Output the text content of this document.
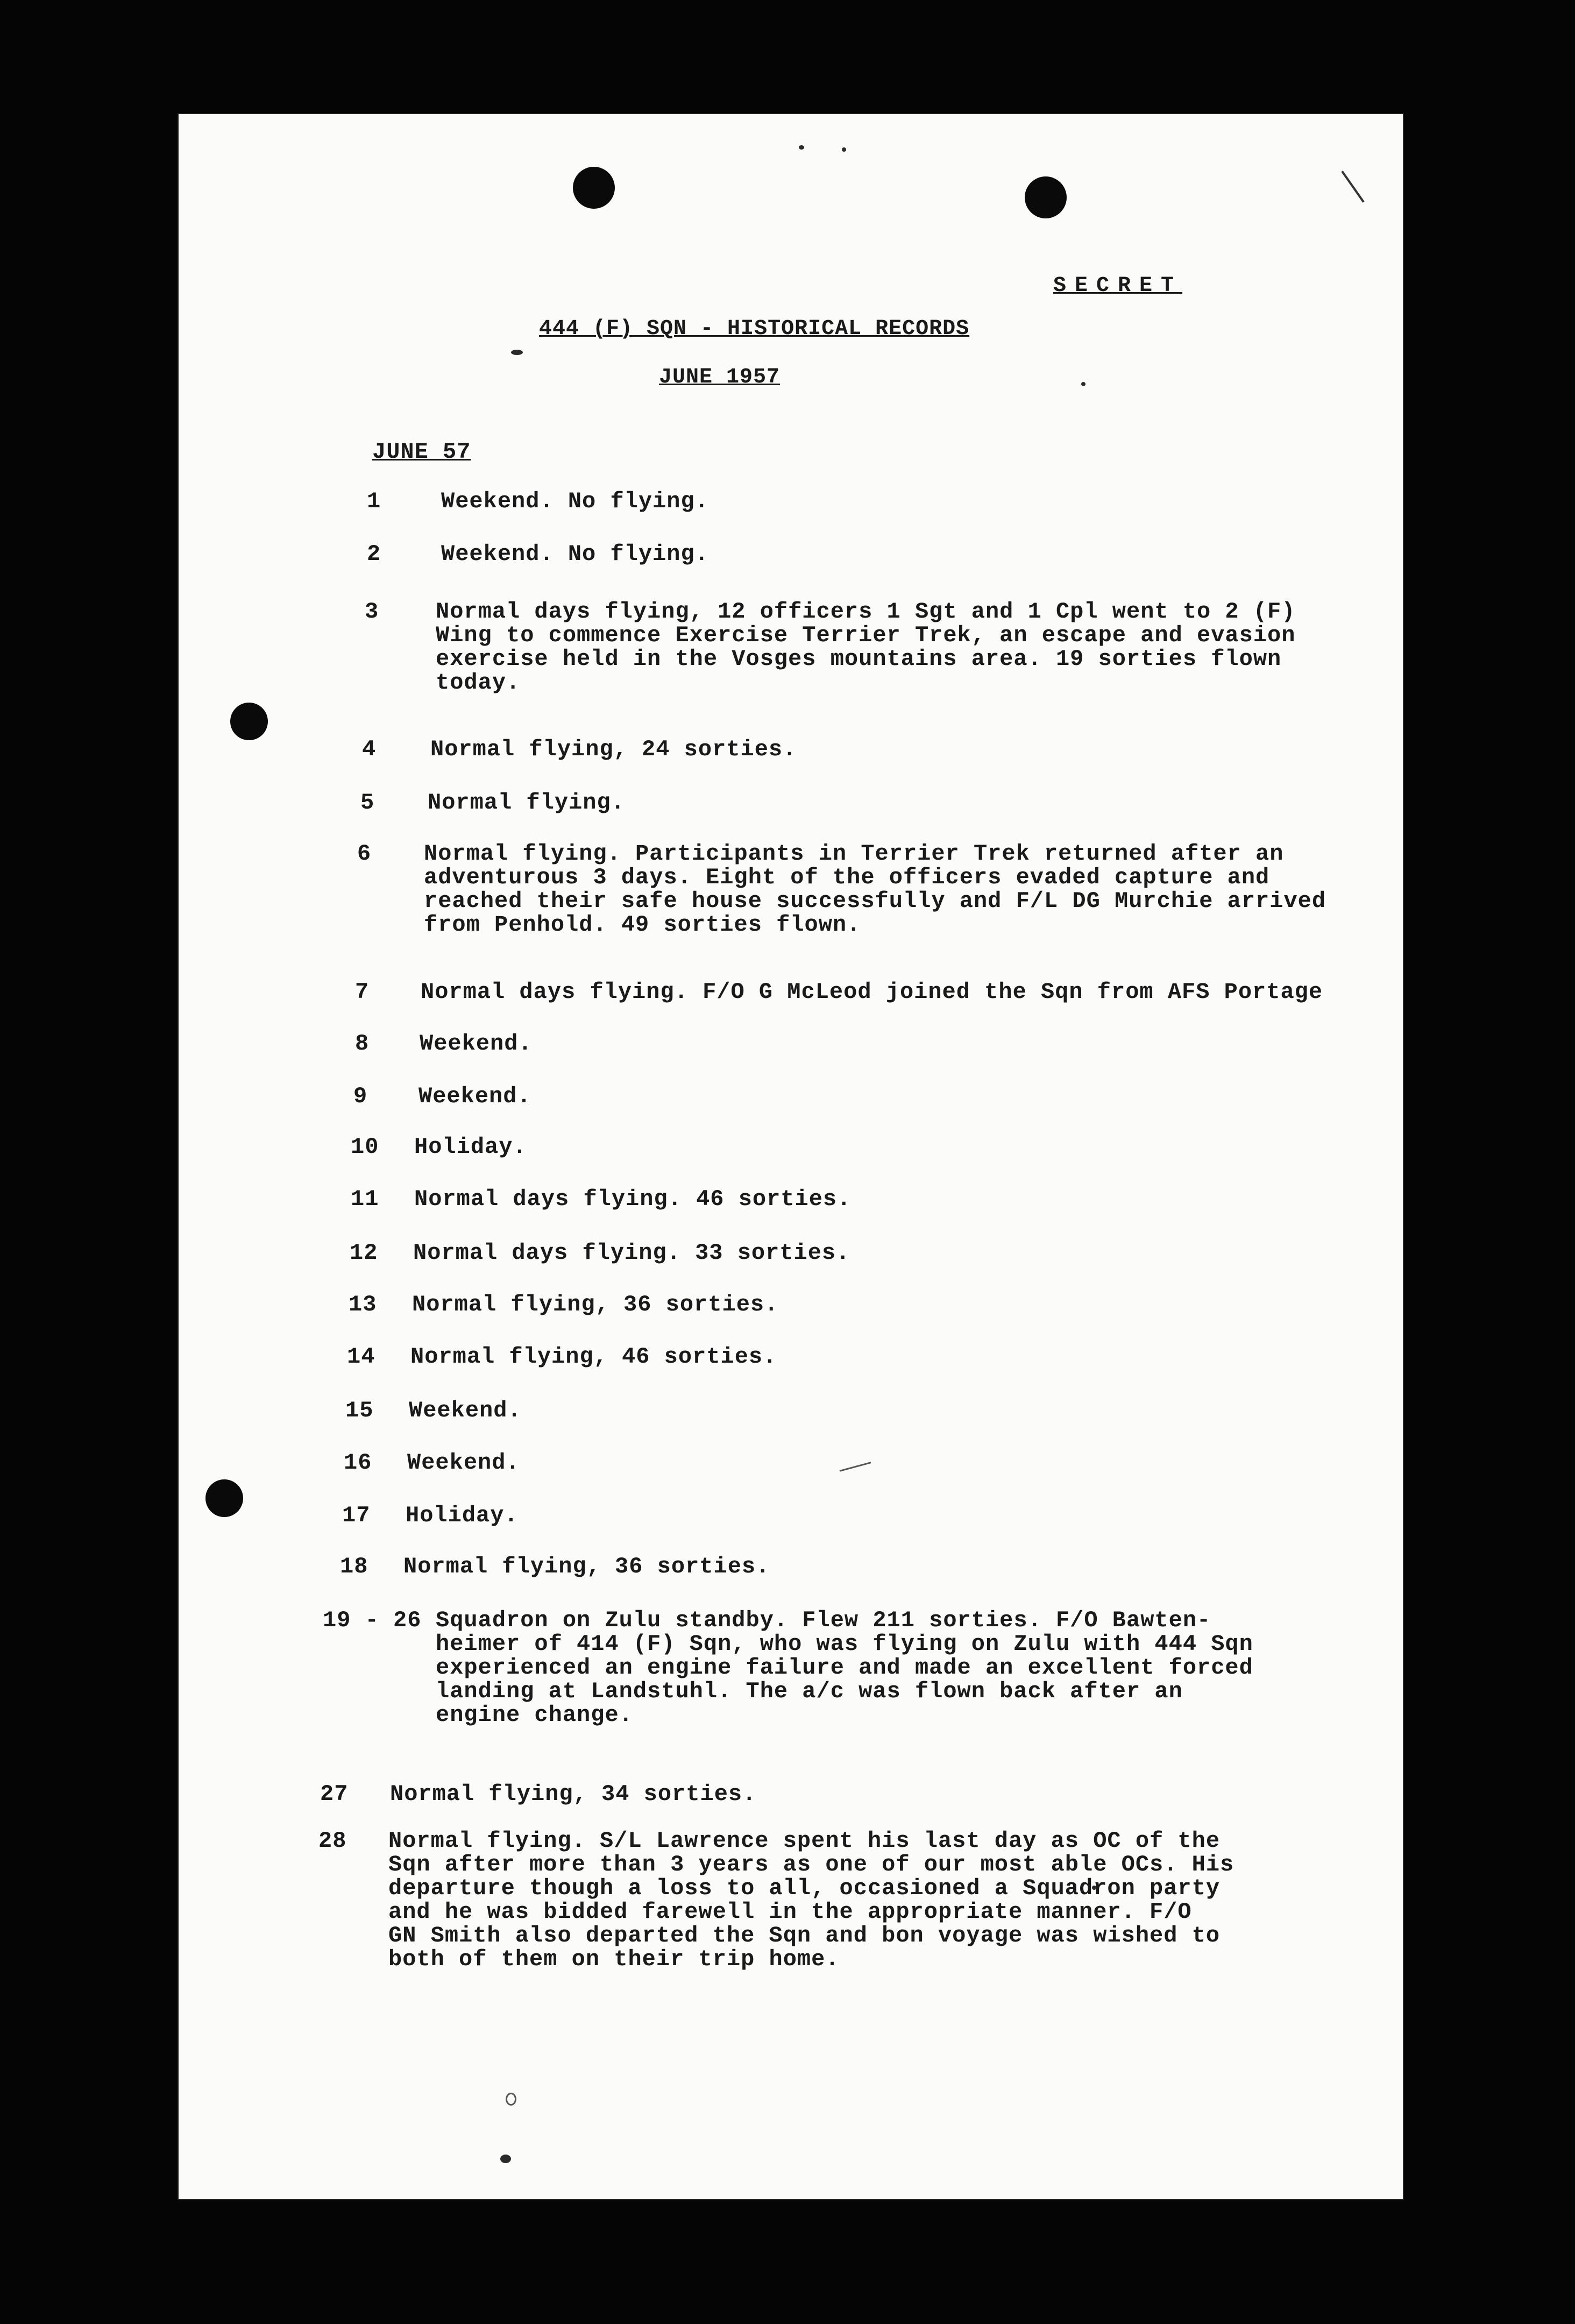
SECRET
444 (F) SQN - HISTORICAL RECORDS
JUNE 1957
JUNE 57
1	Weekend. No flying.
2	Weekend. No flying.
3	Normal days flying, 12 officers 1 Sgt and 1 Cpl went to 2 (F)
Wing to commence Exercise Terrier Trek, an escape and evasion
exercise held in the Vosges mountains area. 19 sorties flown
today.
4 Normal flying, 24 sorties.
5 Normal flying.
6 Normal flying. Participants in Terrier Trek returned after an
adventurous 3 days. Eight of the officers evaded capture and
reached their safe house successfully and F/L DG Murchie arrived
from Penhold. 49 sorties flown.
7 Normal days flying. F/O G McLeod joined the Sqn from AFS Portage
8 Weekend.
9 Weekend.
10 Holiday.
11 Normal days flying. 46 sorties.
12 Normal days flying. 33 sorties.
13 Normal flying, 36 sorties.
14 Normal flying, 46 sorties.
15 Weekend.
16 Weekend.
17 Holiday.
18 Normal flying, 36 sorties.
19 - 26 Squadron on Zulu standby. Flew 211 sorties. F/O Bawten-
heimer of 414 (F) Sqn, who was flying on Zulu with 444 Sqn
experienced an engine failure and made an excellent forced
landing at Landstuhl. The a/c was flown back after an
engine change.
27 Normal flying, 34 sorties.
28 Normal flying. S/L Lawrence spent his last day as OC of the
Sqn after more than 3 years as one of our most able OCs. His
departure though a loss to all, occasioned a Squadron party
and he was bidded farewell in the appropriate manner. F/O
GN Smith also departed the Sqn and bon voyage was wished to
both of them on their trip home.
